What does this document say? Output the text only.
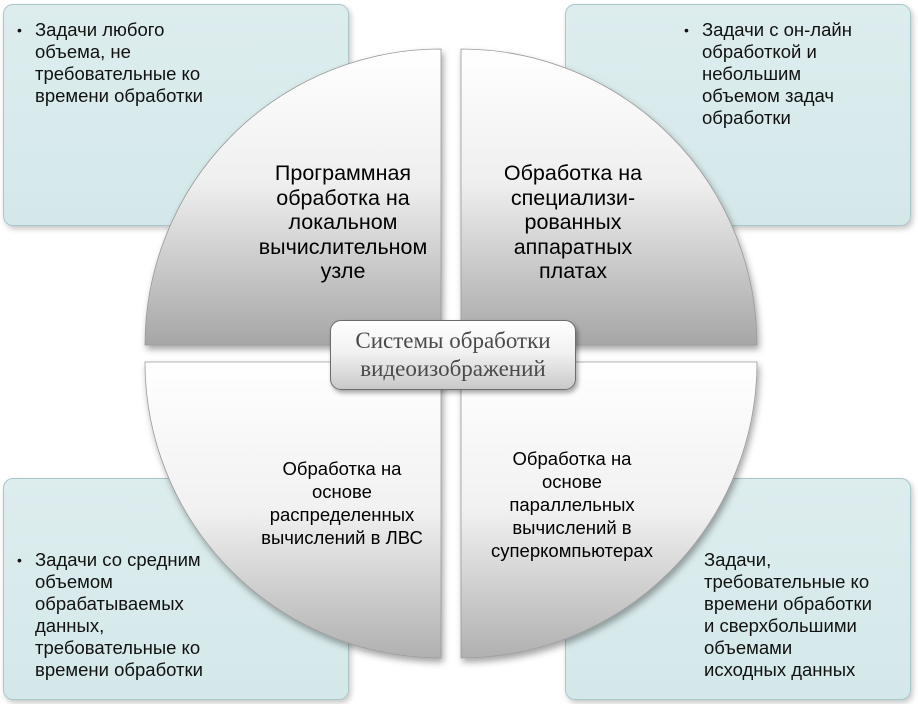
• Задачи любого
объема, не
требовательные ко
времени обработки
• Задачи с он-лайн
обработкой и
небольшим
объемом задач
обработки
• Задачи со средним
объемом
обрабатываемых
данных,
требовательные ко
времени обработки
Задачи,
требовательные ко
времени обработки
и сверхбольшими
объемами
исходных данных

Программная
обработка на
локальном
вычислительном
узле

Обработка на
специализи-
рованных
аппаратных
платах

Обработка на
основе
распределенных
вычислений в ЛВС

Обработка на
основе
параллельных
вычислений в
суперкомпьютерах

Системы обработки
видеоизображений
